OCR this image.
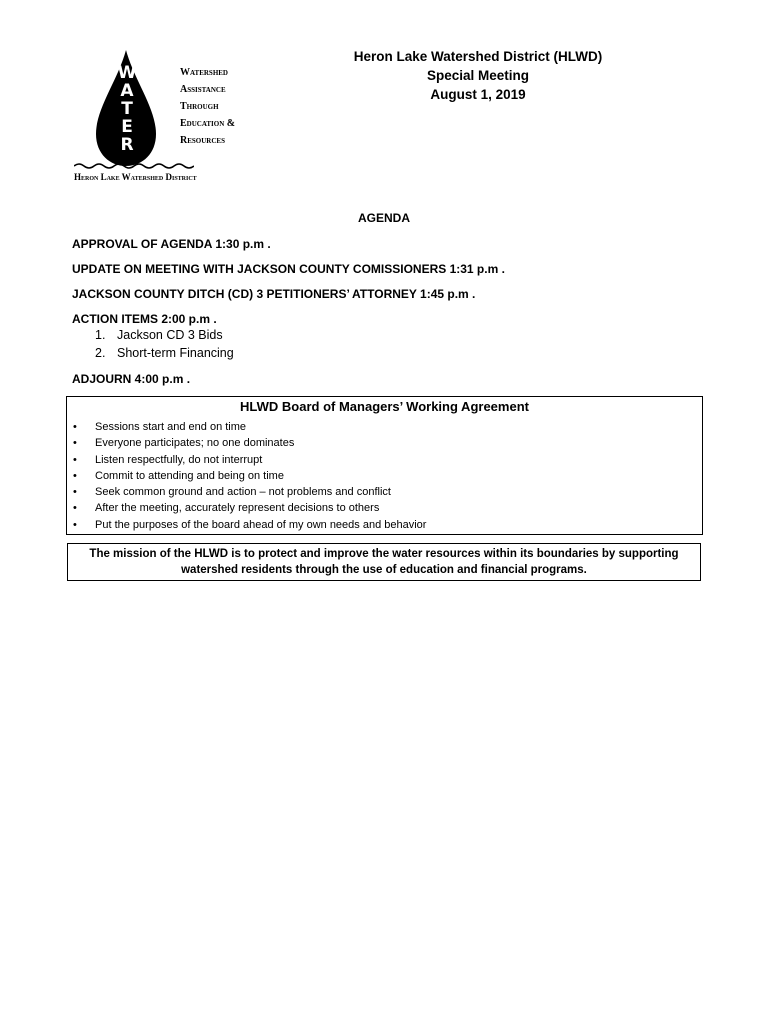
WATER
Watershed
Assistance
Through
Education &
Resources
Heron Lake Watershed District
Heron Lake Watershed District (HLWD)
Special Meeting
August 1, 2019
AGENDA
APPROVAL OF AGENDA 1:30 p.m .
UPDATE ON MEETING WITH JACKSON COUNTY COMISSIONERS 1:31 p.m .
JACKSON COUNTY DITCH (CD) 3 PETITIONERS’ ATTORNEY 1:45 p.m .
ACTION ITEMS 2:00 p.m .
1. Jackson CD 3 Bids
2. Short-term Financing
ADJOURN 4:00 p.m .
HLWD Board of Managers’ Working Agreement
• Sessions start and end on time
• Everyone participates; no one dominates
• Listen respectfully, do not interrupt
• Commit to attending and being on time
• Seek common ground and action – not problems and conflict
• After the meeting, accurately represent decisions to others
• Put the purposes of the board ahead of my own needs and behavior
The mission of the HLWD is to protect and improve the water resources within its boundaries by supporting
watershed residents through the use of education and financial programs.
